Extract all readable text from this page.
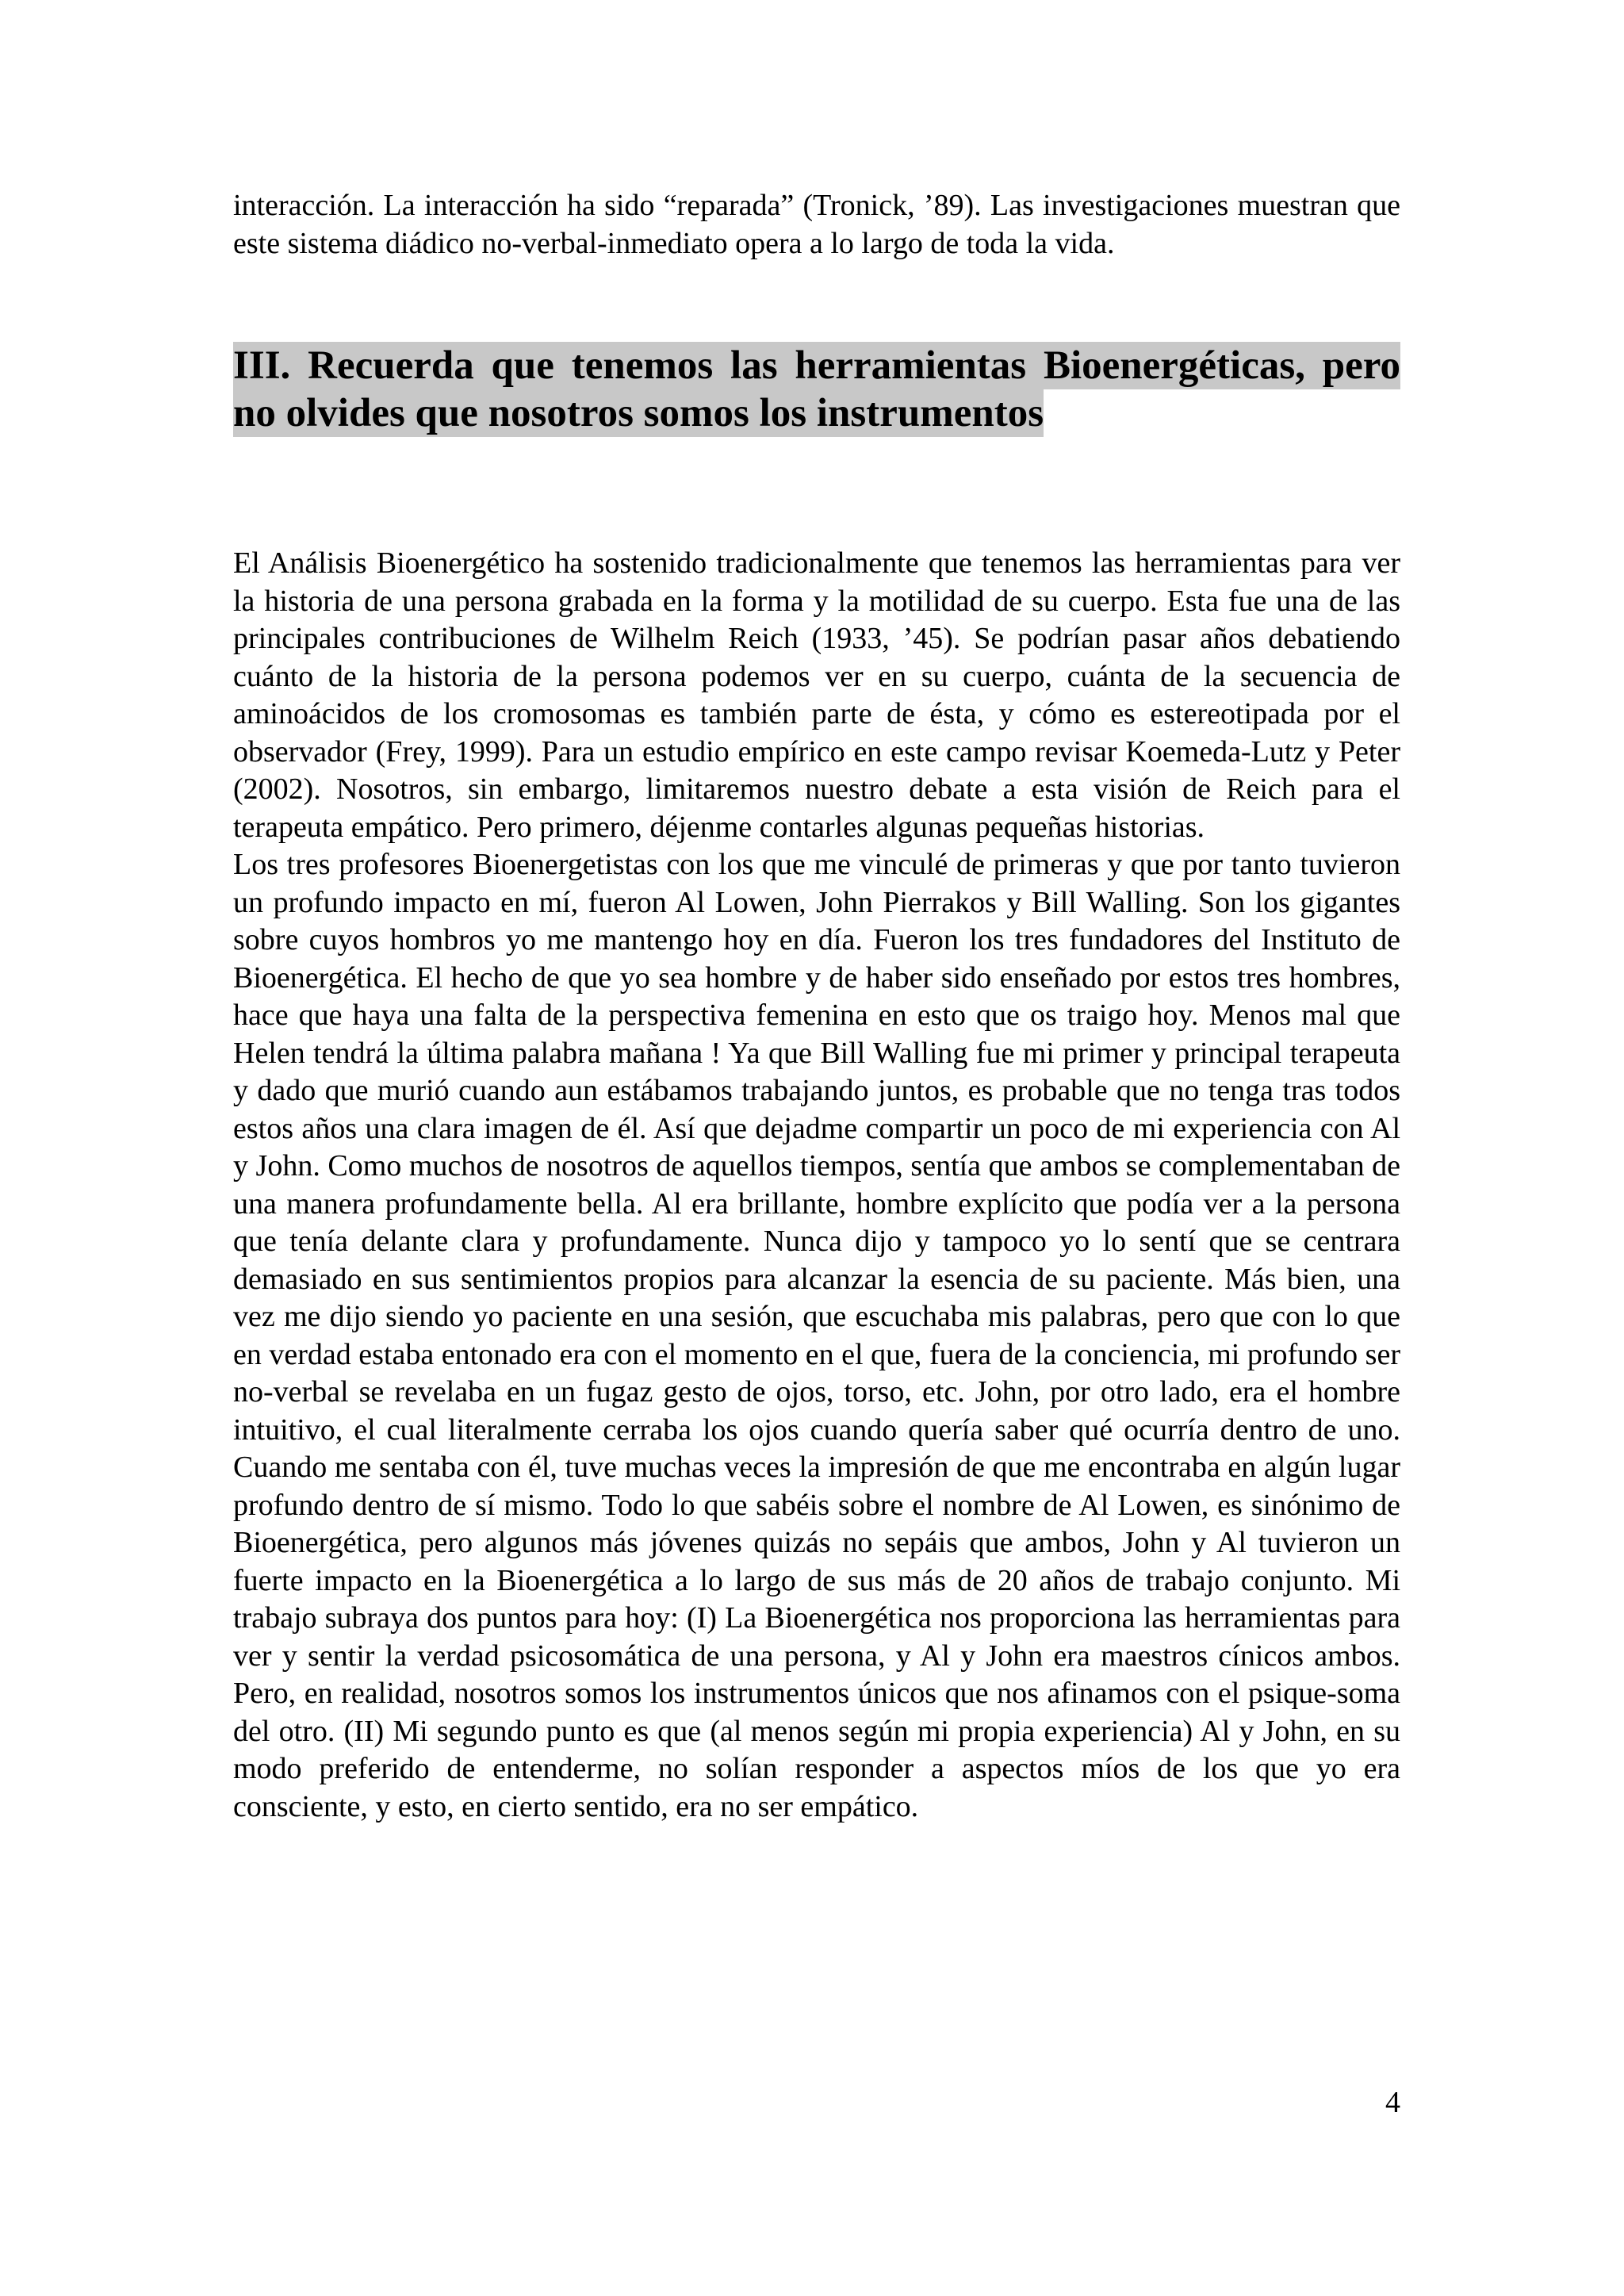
interacción. La interacción ha sido “reparada” (Tronick, ’89). Las investigaciones muestran que este sistema diádico no-verbal-inmediato opera a lo largo de toda la vida.
III. Recuerda que tenemos las herramientas Bioenergéticas, pero no olvides que nosotros somos los instrumentos

El Análisis Bioenergético ha sostenido tradicionalmente que tenemos las herramientas para ver la historia de una persona grabada en la forma y la motilidad de su cuerpo. Esta fue una de las principales contribuciones de Wilhelm Reich (1933, ’45). Se podrían pasar años debatiendo cuánto de la historia de la persona podemos ver en su cuerpo, cuánta de la secuencia de aminoácidos de los cromosomas es también parte de ésta, y cómo es estereotipada por el observador (Frey, 1999). Para un estudio empírico en este campo revisar Koemeda-Lutz y Peter (2002). Nosotros, sin embargo, limitaremos nuestro debate a esta visión de Reich para el terapeuta empático. Pero primero, déjenme contarles algunas pequeñas historias.

Los tres profesores Bioenergetistas con los que me vinculé de primeras y que por tanto tuvieron un profundo impacto en mí, fueron Al Lowen, John Pierrakos y Bill Walling. Son los gigantes sobre cuyos hombros yo me mantengo hoy en día. Fueron los tres fundadores del Instituto de Bioenergética. El hecho de que yo sea hombre y de haber sido enseñado por estos tres hombres, hace que haya una falta de la perspectiva femenina en esto que os traigo hoy. Menos mal que Helen tendrá la última palabra mañana ! Ya que Bill Walling fue mi primer y principal terapeuta y dado que murió cuando aun estábamos trabajando juntos, es probable que no tenga tras todos estos años una clara imagen de él. Así que dejadme compartir un poco de mi experiencia con Al y John. Como muchos de nosotros de aquellos tiempos, sentía que ambos se complementaban de una manera profundamente bella. Al era brillante, hombre explícito que podía ver a la persona que tenía delante clara y profundamente. Nunca dijo y tampoco yo lo sentí que se centrara demasiado en sus sentimientos propios para alcanzar la esencia de su paciente. Más bien, una vez me dijo siendo yo paciente en una sesión, que escuchaba mis palabras, pero que con lo que en verdad estaba entonado era con el momento en el que, fuera de la conciencia, mi profundo ser no-verbal se revelaba en un fugaz gesto de ojos, torso, etc. John, por otro lado, era el hombre intuitivo, el cual literalmente cerraba los ojos cuando quería saber qué ocurría dentro de uno. Cuando me sentaba con él, tuve muchas veces la impresión de que me encontraba en algún lugar profundo dentro de sí mismo. Todo lo que sabéis sobre el nombre de Al Lowen, es sinónimo de Bioenergética, pero algunos más jóvenes quizás no sepáis que ambos, John y Al tuvieron un fuerte impacto en la Bioenergética a lo largo de sus más de 20 años de trabajo conjunto. Mi trabajo subraya dos puntos para hoy: (I) La Bioenergética nos proporciona las herramientas para ver y sentir la verdad psicosomática de una persona, y Al y John era maestros cínicos ambos. Pero, en realidad, nosotros somos los instrumentos únicos que nos afinamos con el psique-soma del otro. (II) Mi segundo punto es que (al menos según mi propia experiencia) Al y John, en su modo preferido de entenderme, no solían responder a aspectos míos de los que yo era consciente, y esto, en cierto sentido, era no ser empático.

4
